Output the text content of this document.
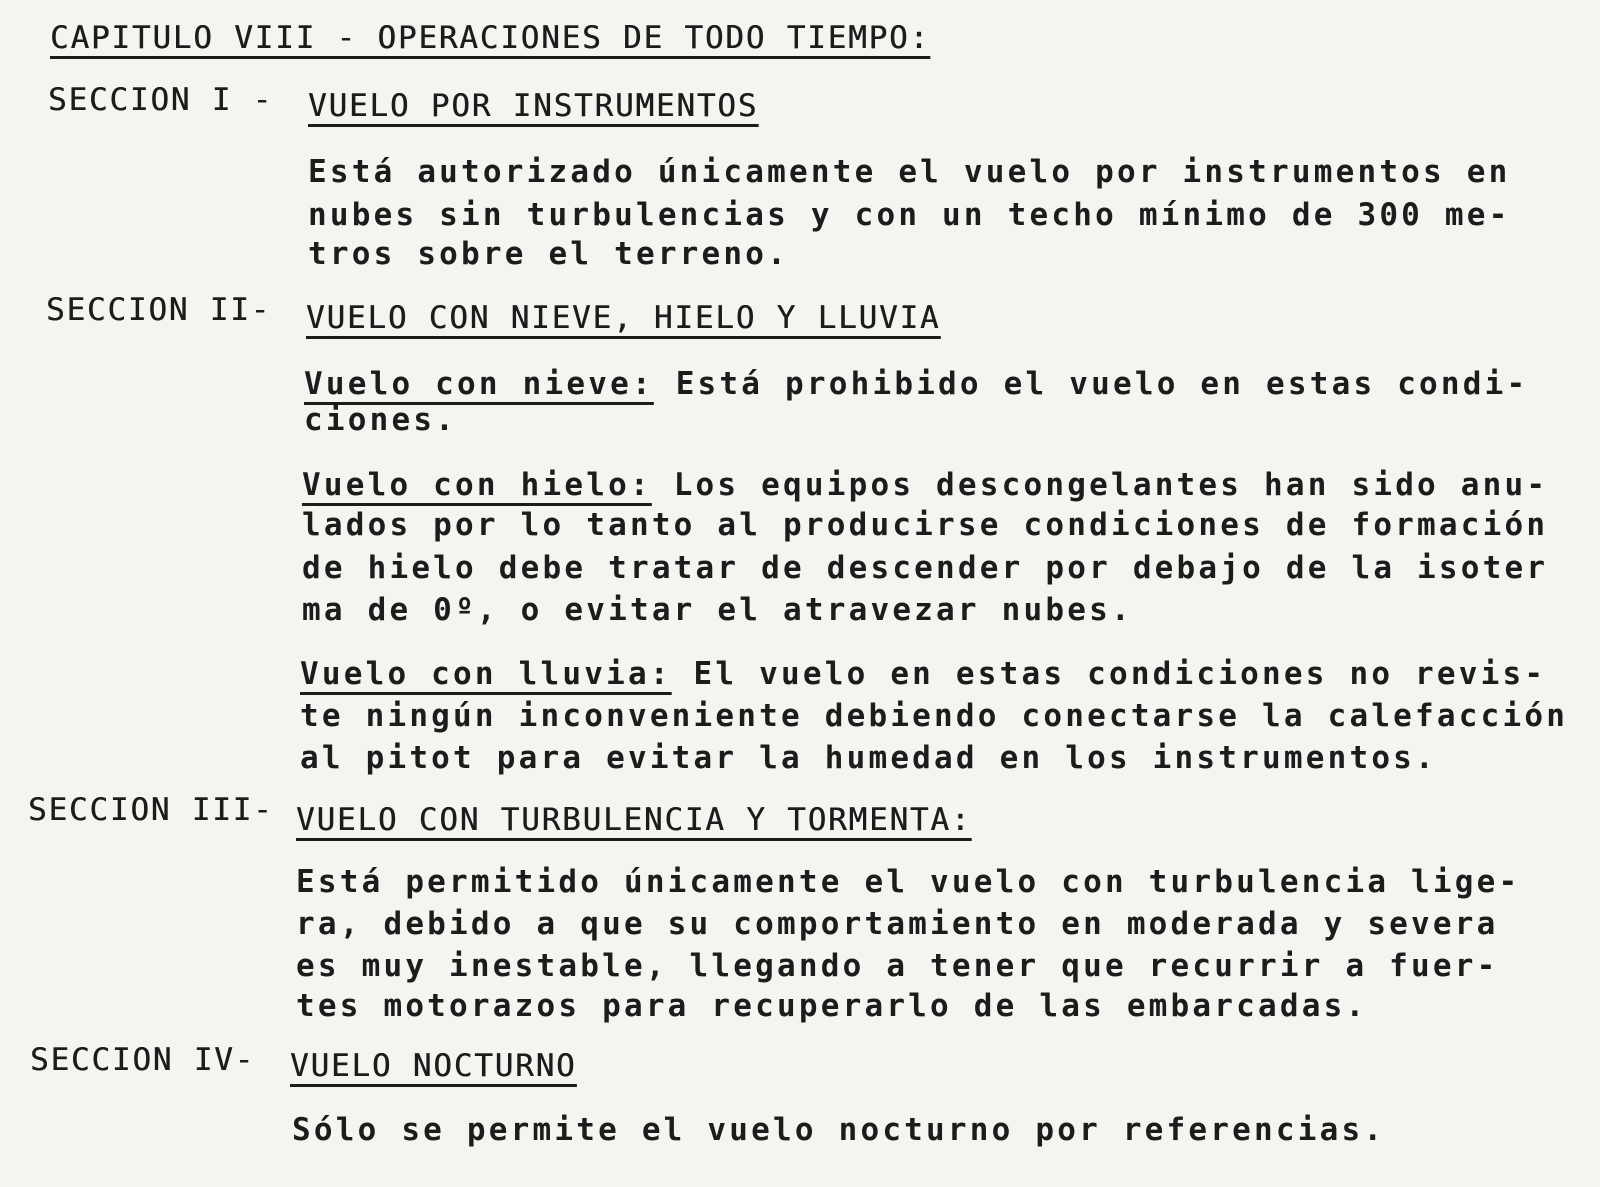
CAPITULO VIII - OPERACIONES DE TODO TIEMPO:
SECCION I - VUELO POR INSTRUMENTOS
Está autorizado únicamente el vuelo por instrumentos en
nubes sin turbulencias y con un techo mínimo de 300 me-
tros sobre el terreno.
SECCION II- VUELO CON NIEVE, HIELO Y LLUVIA
Vuelo con nieve: Está prohibido el vuelo en estas condi-
ciones.
Vuelo con hielo: Los equipos descongelantes han sido anu-
lados por lo tanto al producirse condiciones de formación
de hielo debe tratar de descender por debajo de la isoter
ma de 0º, o evitar el atravezar nubes.
Vuelo con lluvia: El vuelo en estas condiciones no revis-
te ningún inconveniente debiendo conectarse la calefacción
al pitot para evitar la humedad en los instrumentos.
SECCION III- VUELO CON TURBULENCIA Y TORMENTA:
Está permitido únicamente el vuelo con turbulencia lige-
ra, debido a que su comportamiento en moderada y severa
es muy inestable, llegando a tener que recurrir a fuer-
tes motorazos para recuperarlo de las embarcadas.
SECCION IV- VUELO NOCTURNO
Sólo se permite el vuelo nocturno por referencias.
